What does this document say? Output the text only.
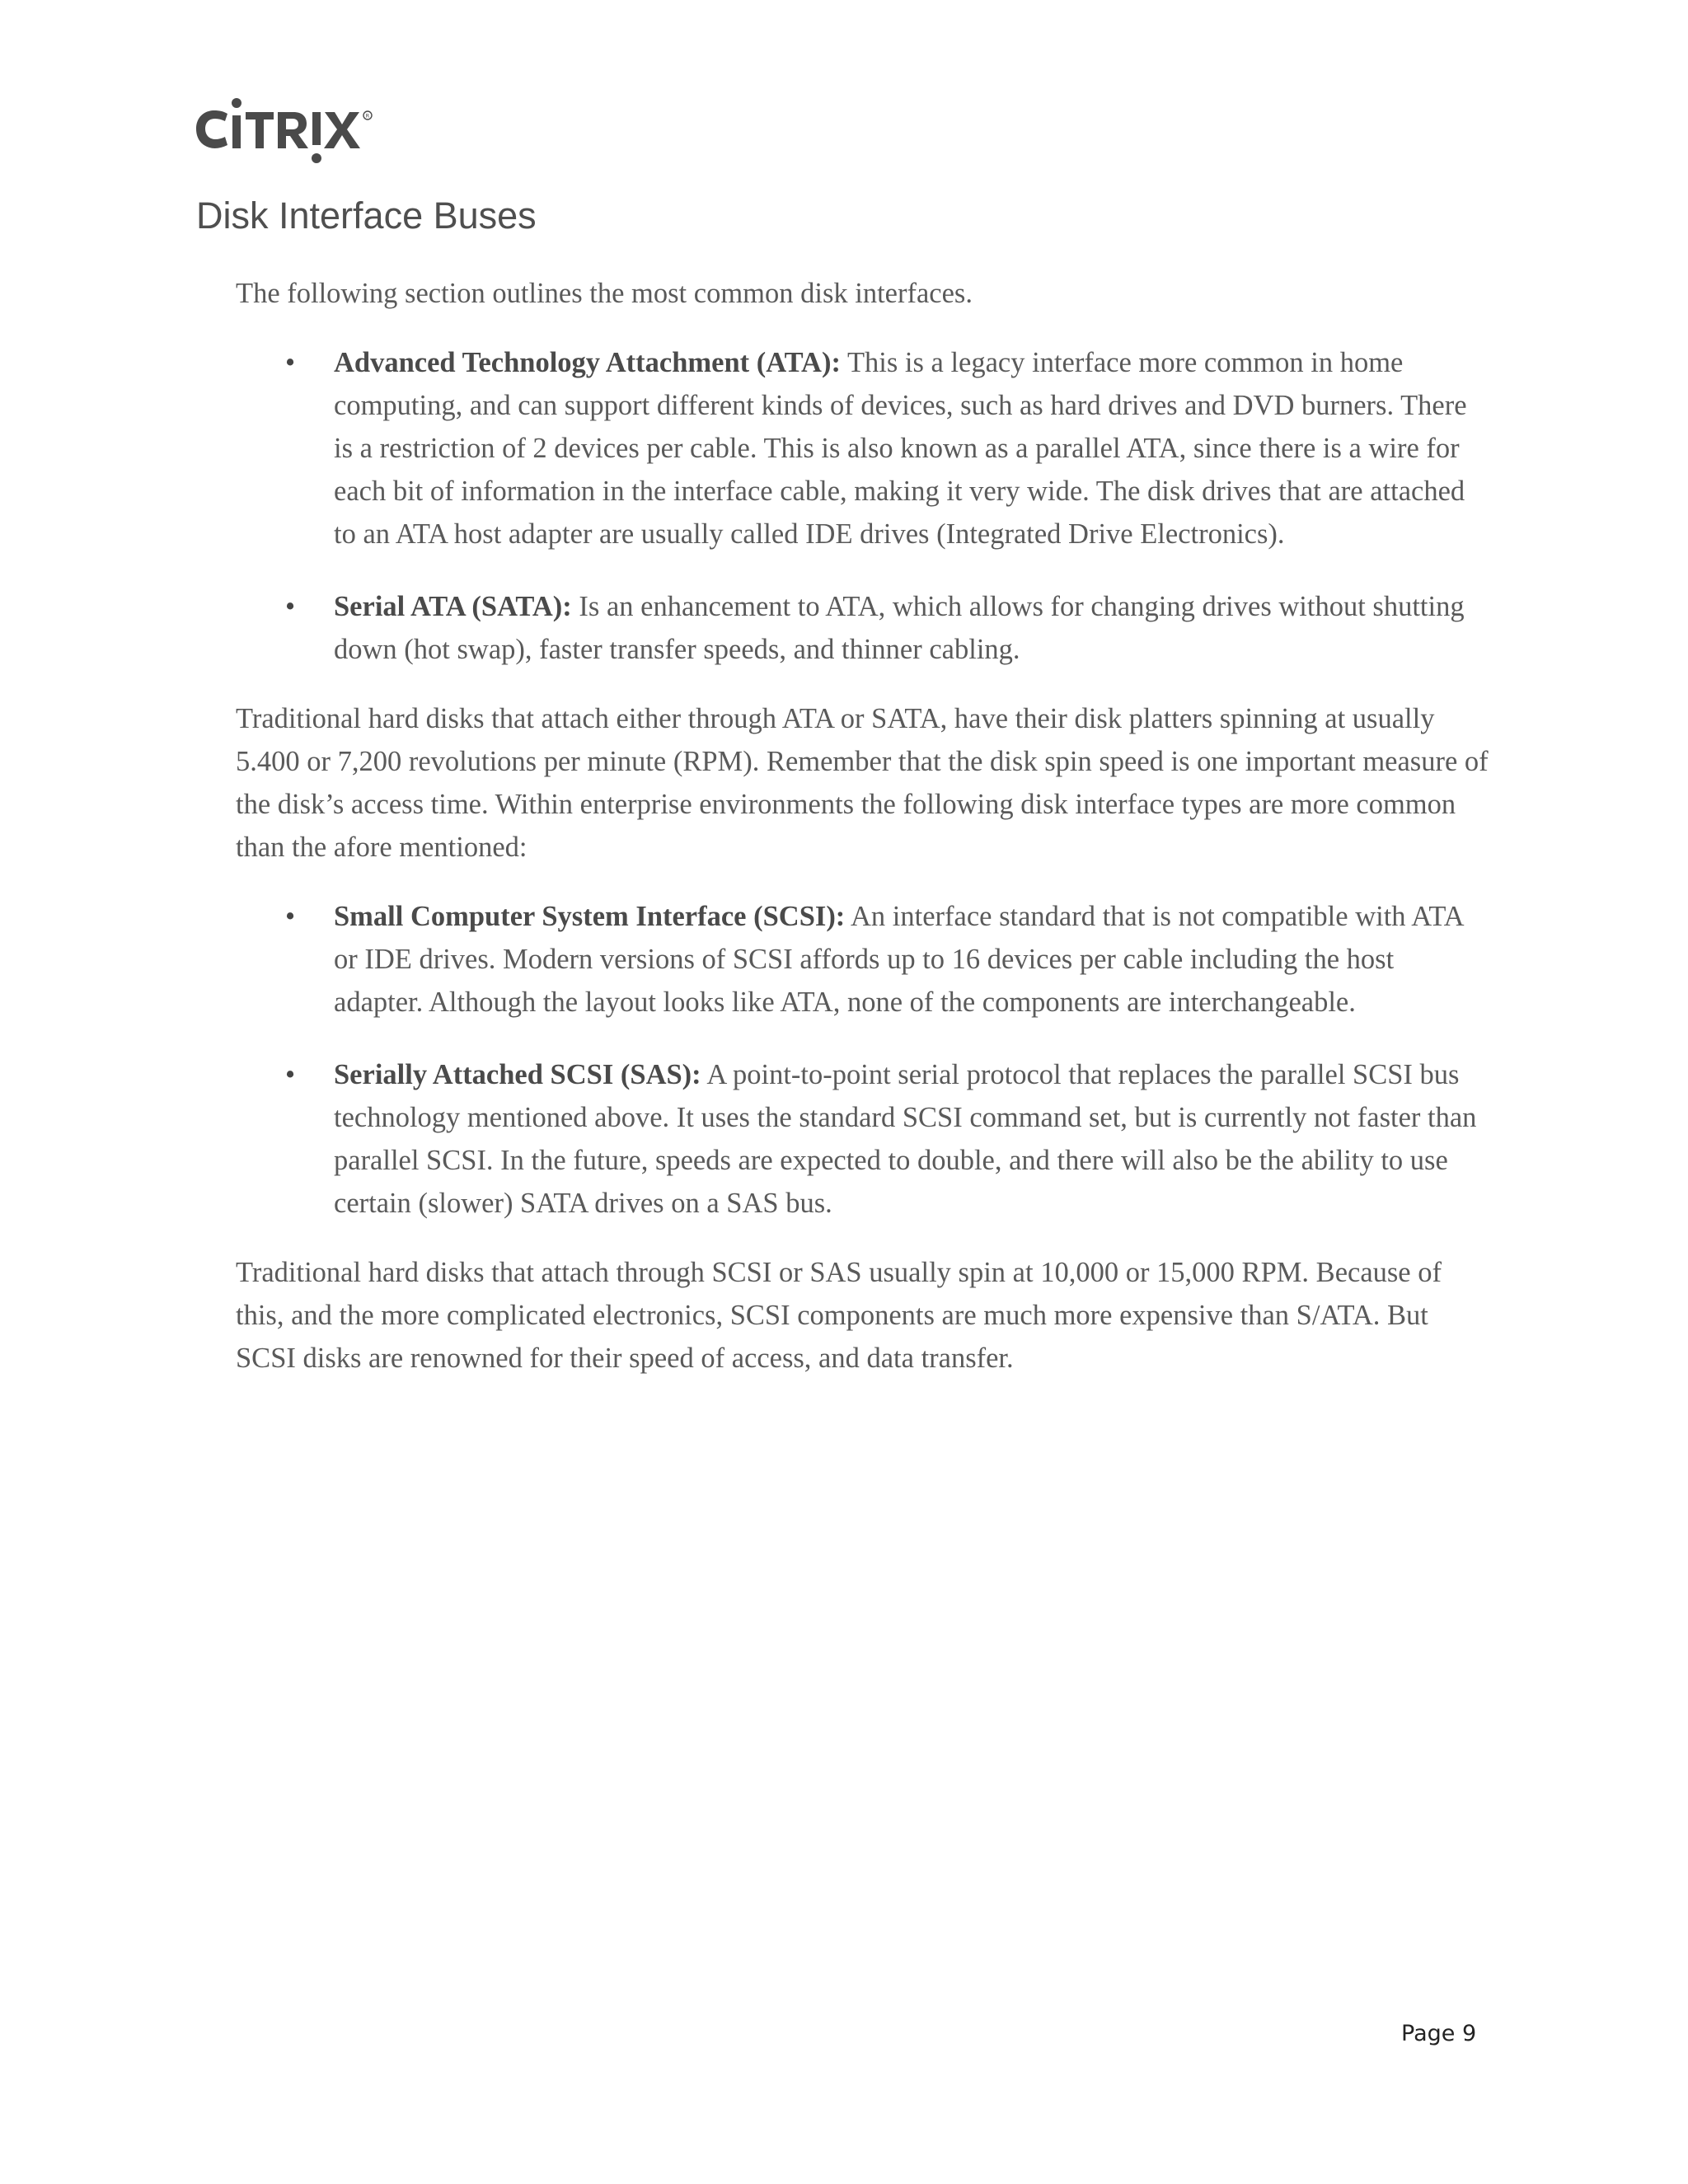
R
Disk Interface Buses

The following section outlines the most common disk interfaces.

• Advanced Technology Attachment (ATA): This is a legacy interface more common in home computing, and can support different kinds of devices, such as hard drives and DVD burners. There is a restriction of 2 devices per cable. This is also known as a parallel ATA, since there is a wire for each bit of information in the interface cable, making it very wide. The disk drives that are attached to an ATA host adapter are usually called IDE drives (Integrated Drive Electronics).
• Serial ATA (SATA): Is an enhancement to ATA, which allows for changing drives without shutting down (hot swap), faster transfer speeds, and thinner cabling.

Traditional hard disks that attach either through ATA or SATA, have their disk platters spinning at usually 5.400 or 7,200 revolutions per minute (RPM). Remember that the disk spin speed is one important measure of the disk’s access time. Within enterprise environments the following disk interface types are more common than the afore mentioned:

• Small Computer System Interface (SCSI): An interface standard that is not compatible with ATA or IDE drives. Modern versions of SCSI affords up to 16 devices per cable including the host adapter. Although the layout looks like ATA, none of the components are interchangeable.
• Serially Attached SCSI (SAS): A point-to-point serial protocol that replaces the parallel SCSI bus technology mentioned above. It uses the standard SCSI command set, but is currently not faster than parallel SCSI. In the future, speeds are expected to double, and there will also be the ability to use certain (slower) SATA drives on a SAS bus.

Traditional hard disks that attach through SCSI or SAS usually spin at 10,000 or 15,000 RPM. Because of this, and the more complicated electronics, SCSI components are much more expensive than S/ATA. But SCSI disks are renowned for their speed of access, and data transfer.

Page 9
